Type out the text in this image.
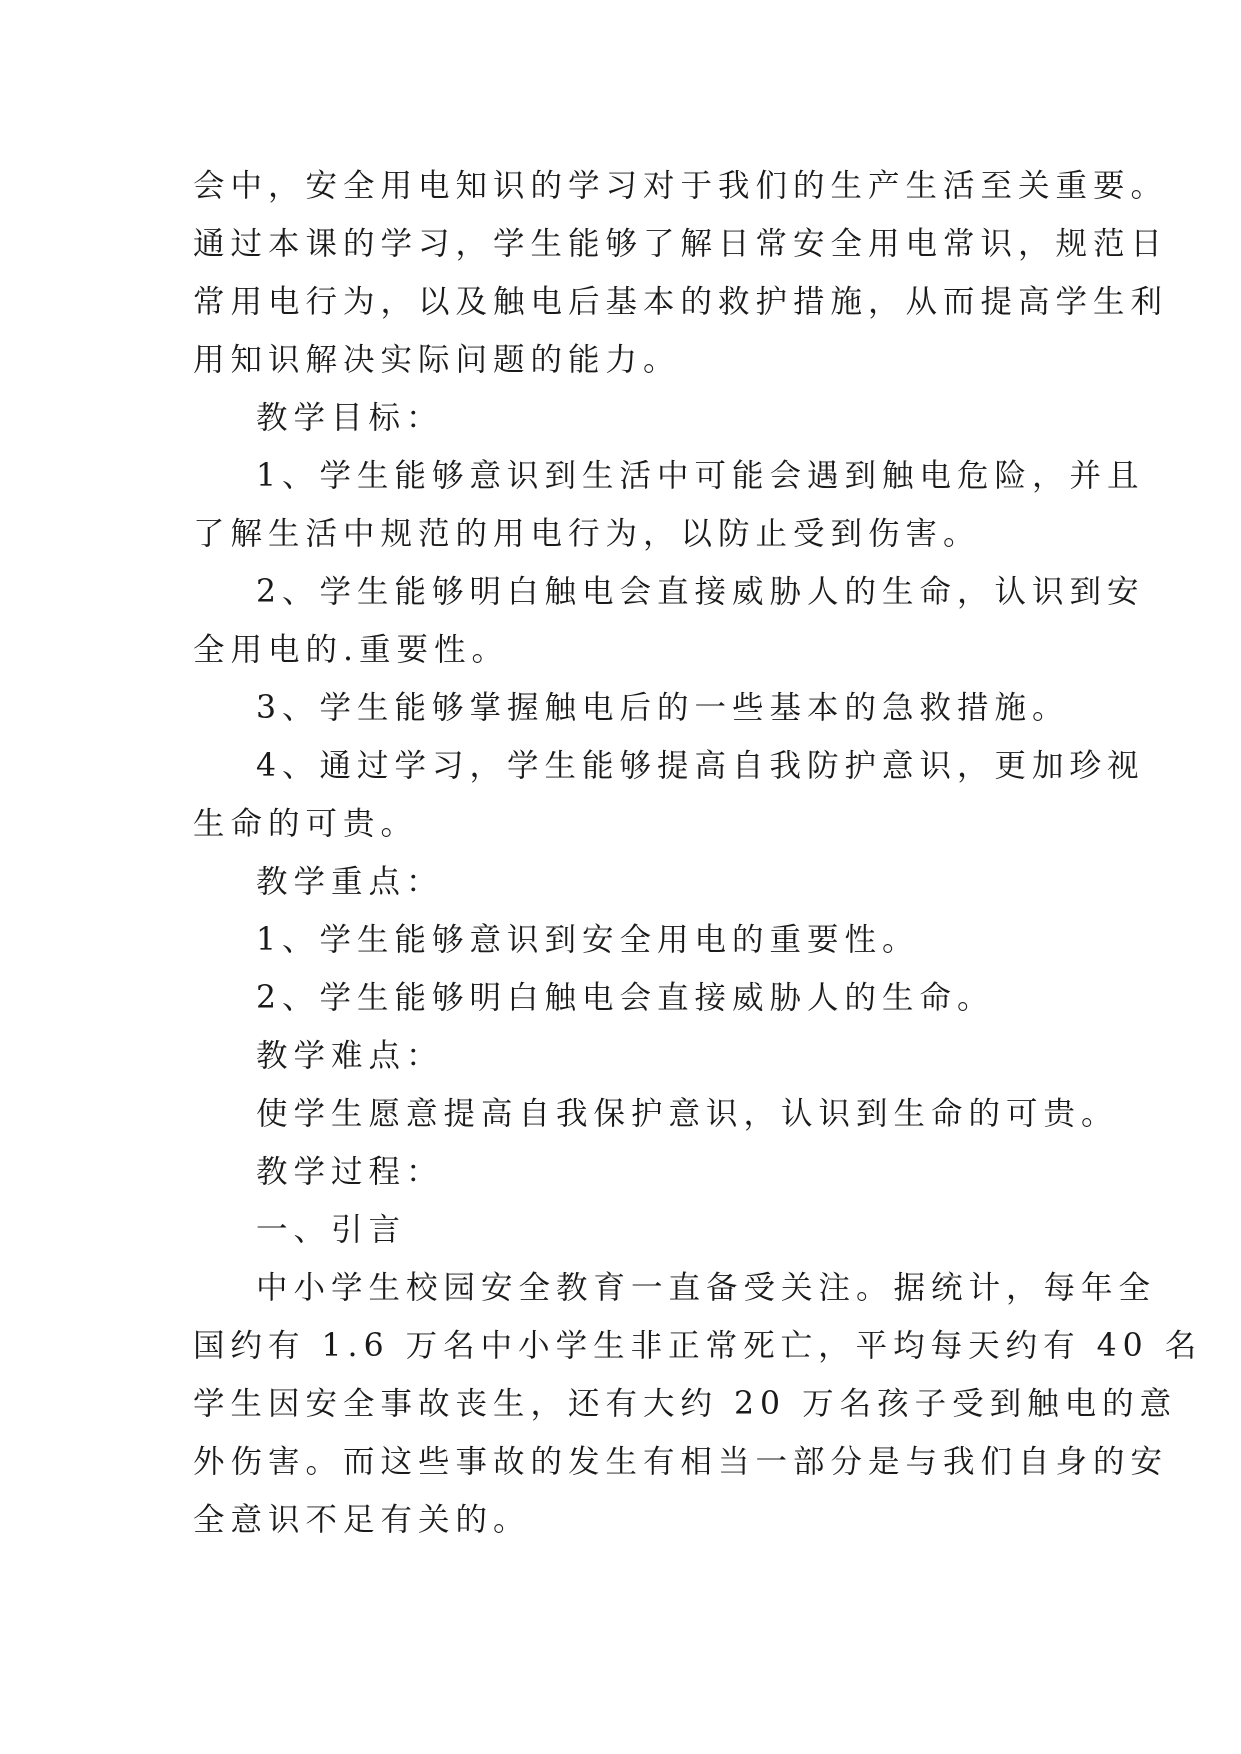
会中，安全用电知识的学习对于我们的生产生活至关重要。
通过本课的学习，学生能够了解日常安全用电常识，规范日
常用电行为，以及触电后基本的救护措施，从而提高学生利
用知识解决实际问题的能力。
教学目标：
1、学生能够意识到生活中可能会遇到触电危险，并且
了解生活中规范的用电行为，以防止受到伤害。
2、学生能够明白触电会直接威胁人的生命，认识到安
全用电的.重要性。
3、学生能够掌握触电后的一些基本的急救措施。
4、通过学习，学生能够提高自我防护意识，更加珍视
生命的可贵。
教学重点：
1、学生能够意识到安全用电的重要性。
2、学生能够明白触电会直接威胁人的生命。
教学难点：
使学生愿意提高自我保护意识，认识到生命的可贵。
教学过程：
一、引言
中小学生校园安全教育一直备受关注。据统计，每年全
国约有 1.6 万名中小学生非正常死亡，平均每天约有 40 名
学生因安全事故丧生，还有大约 20 万名孩子受到触电的意
外伤害。而这些事故的发生有相当一部分是与我们自身的安
全意识不足有关的。
